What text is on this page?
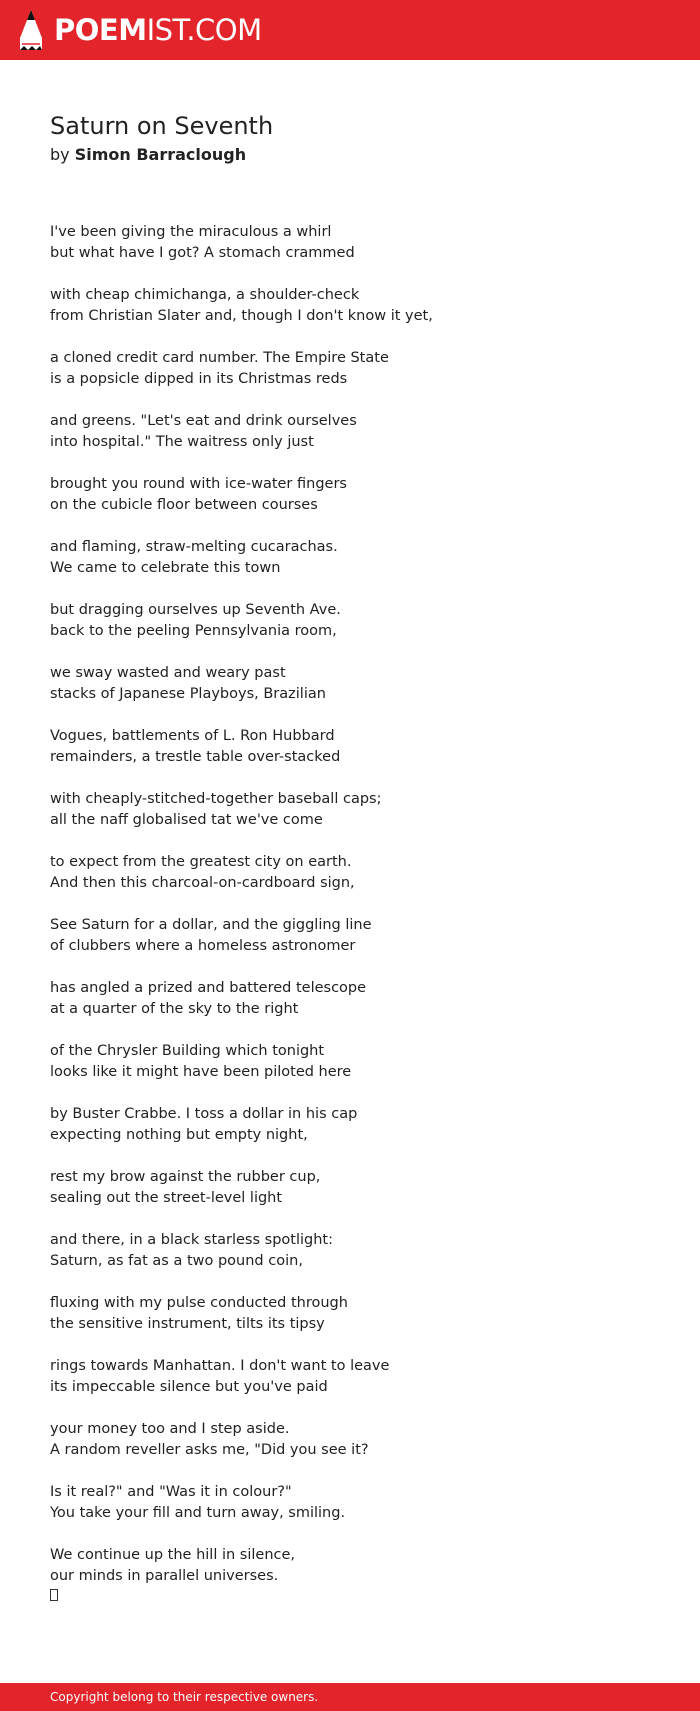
POEM IST.COM
Saturn on Seventh
by Simon Barraclough
I've been giving the miraculous a whirl
but what have I got? A stomach crammed
with cheap chimichanga, a shoulder-check
from Christian Slater and, though I don't know it yet,
a cloned credit card number. The Empire State
is a popsicle dipped in its Christmas reds
and greens. "Let's eat and drink ourselves
into hospital." The waitress only just
brought you round with ice-water fingers
on the cubicle floor between courses
and flaming, straw-melting cucarachas.
We came to celebrate this town
but dragging ourselves up Seventh Ave.
back to the peeling Pennsylvania room,
we sway wasted and weary past
stacks of Japanese Playboys, Brazilian
Vogues, battlements of L. Ron Hubbard
remainders, a trestle table over-stacked
with cheaply-stitched-together baseball caps;
all the naff globalised tat we've come
to expect from the greatest city on earth.
And then this charcoal-on-cardboard sign,
See Saturn for a dollar, and the giggling line
of clubbers where a homeless astronomer
has angled a prized and battered telescope
at a quarter of the sky to the right
of the Chrysler Building which tonight
looks like it might have been piloted here
by Buster Crabbe. I toss a dollar in his cap
expecting nothing but empty night,
rest my brow against the rubber cup,
sealing out the street-level light
and there, in a black starless spotlight:
Saturn, as fat as a two pound coin,
fluxing with my pulse conducted through
the sensitive instrument, tilts its tipsy
rings towards Manhattan. I don't want to leave
its impeccable silence but you've paid
your money too and I step aside.
A random reveller asks me, "Did you see it?
Is it real?" and "Was it in colour?"
You take your fill and turn away, smiling.
We continue up the hill in silence,
our minds in parallel universes.
Copyright belong to their respective owners.
